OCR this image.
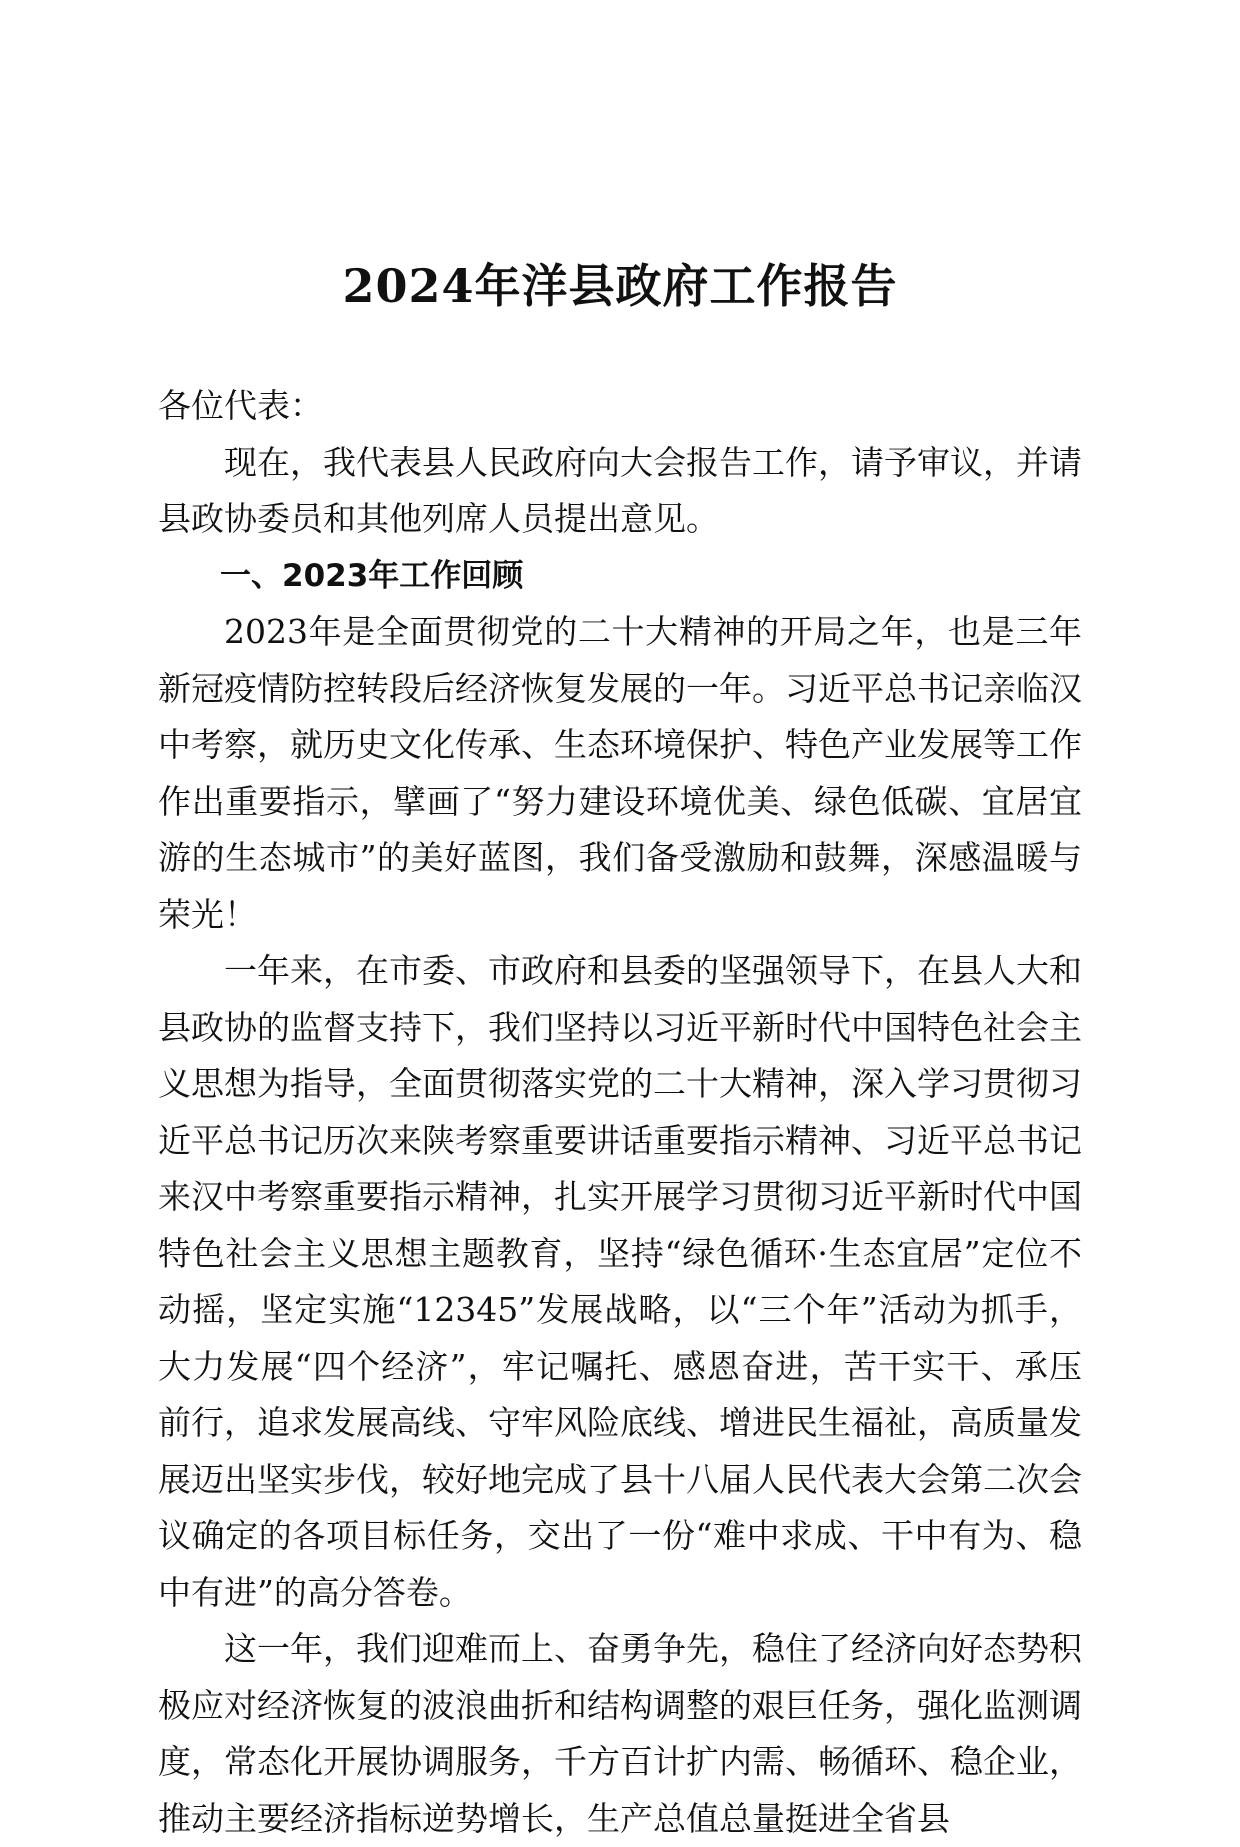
2024年洋县政府工作报告

各位代表：

现在，我代表县人民政府向大会报告工作，请予审议，并请县政协委员和其他列席人员提出意见。

一、2023年工作回顾

2023年是全面贯彻党的二十大精神的开局之年，也是三年新冠疫情防控转段后经济恢复发展的一年。习近平总书记亲临汉中考察，就历史文化传承、生态环境保护、特色产业发展等工作作出重要指示，擘画了“努力建设环境优美、绿色低碳、宜居宜游的生态城市”的美好蓝图，我们备受激励和鼓舞，深感温暖与荣光！

一年来，在市委、市政府和县委的坚强领导下，在县人大和县政协的监督支持下，我们坚持以习近平新时代中国特色社会主义思想为指导，全面贯彻落实党的二十大精神，深入学习贯彻习近平总书记历次来陕考察重要讲话重要指示精神、习近平总书记来汉中考察重要指示精神，扎实开展学习贯彻习近平新时代中国特色社会主义思想主题教育，坚持“绿色循环·生态宜居”定位不动摇，坚定实施“12345”发展战略，以“三个年”活动为抓手，大力发展“四个经济”，牢记嘱托、感恩奋进，苦干实干、承压前行，追求发展高线、守牢风险底线、增进民生福祉，高质量发展迈出坚实步伐，较好地完成了县十八届人民代表大会第二次会议确定的各项目标任务，交出了一份“难中求成、干中有为、稳中有进”的高分答卷。

这一年，我们迎难而上、奋勇争先，稳住了经济向好态势积极应对经济恢复的波浪曲折和结构调整的艰巨任务，强化监测调度，常态化开展协调服务，千方百计扩内需、畅循环、稳企业，推动主要经济指标逆势增长，生产总值总量挺进全省县
